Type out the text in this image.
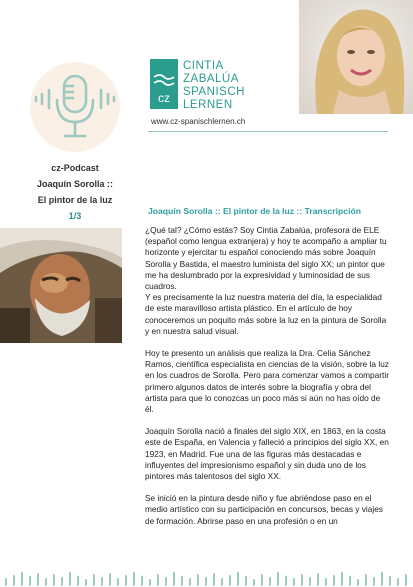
cz-Podcast
Joaquín Sorolla ::
El pintor de la luz
1/3
cz
CINTIA
ZABALÚA
SPANISCH
LERNEN
www.cz-spanischlernen.ch
Joaquín Sorolla :: El pintor de la luz :: Transcripción

¿Qué tal? ¿Cómo estás? Soy Cintia Zabalúa, profesora de ELE (español como lengua extranjera) y hoy te acompaño a ampliar tu horizonte y ejercitar tu español conociendo más sobre Joaquín Sorolla y Bastida, el maestro luminista del siglo XX; un pintor que me ha deslumbrado por la expresividad y luminosidad de sus cuadros.

Y es precisamente la luz nuestra materia del día, la especialidad de este maravilloso artista plástico. En el artículo de hoy conoceremos un poquito más sobre la luz en la pintura de Sorolla y en nuestra salud visual.

Hoy te presento un análisis que realiza la Dra. Celia Sánchez Ramos, científica especialista en ciencias de la visión, sobre la luz en los cuadros de Sorolla. Pero para comenzar vamos a compartir primero algunos datos de interés sobre la biografía y obra del artista para que lo conozcas un poco más si aún no has oído de él.

Joaquín Sorolla nació a finales del siglo XIX, en 1863, en la costa este de España, en Valencia y falleció a principios del siglo XX, en 1923, en Madrid. Fue una de las figuras más destacadas e influyentes del impresionismo español y sin duda uno de los pintores más talentosos del siglo XX.

Se inició en la pintura desde niño y fue abriéndose paso en el medio artístico con su participación en concursos, becas y viajes de formación. Abrirse paso en una profesión o en un
